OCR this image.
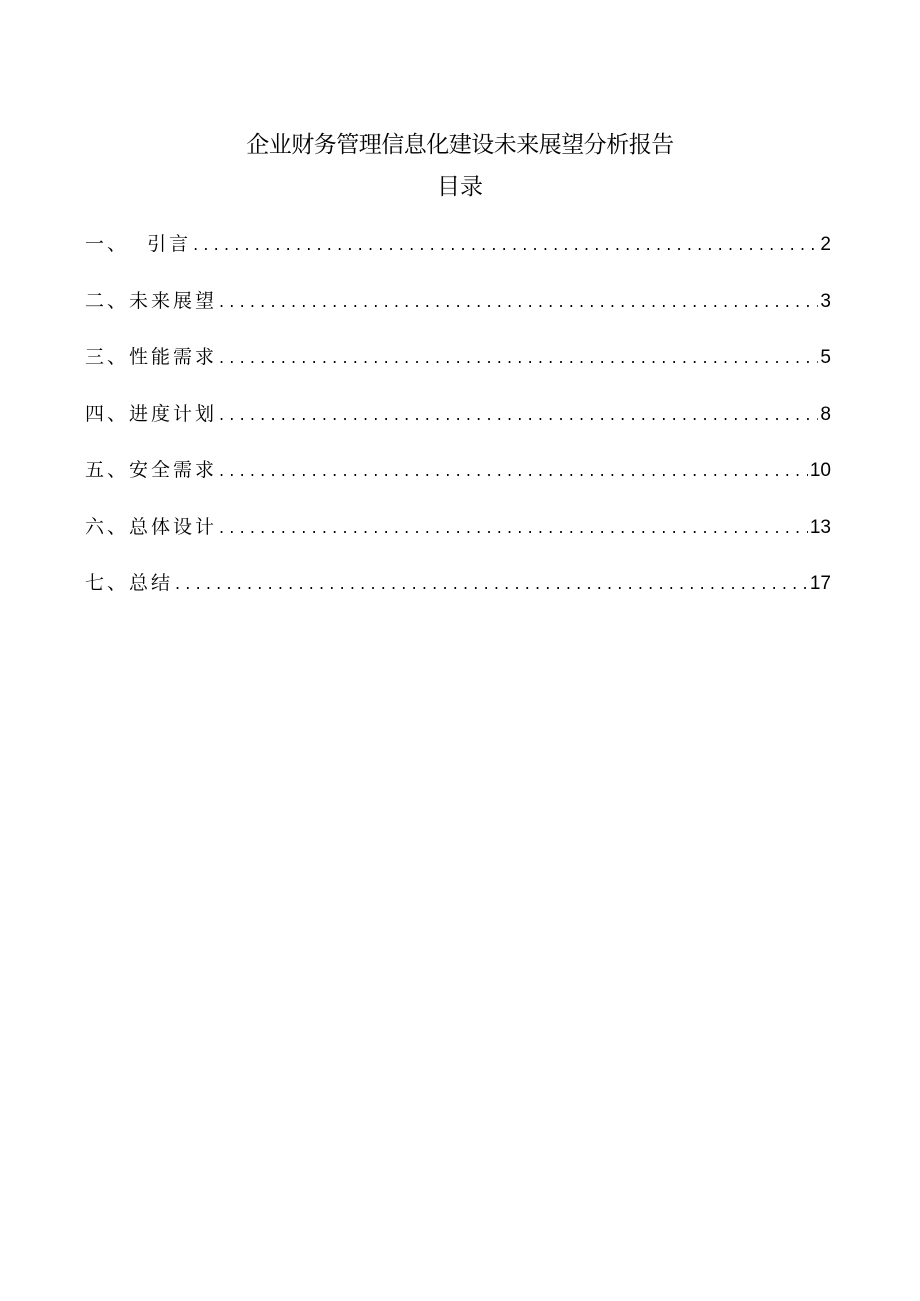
企业财务管理信息化建设未来展望分析报告
目录
一、  引言 .....	2
二、未来展望 .....	3
三、性能需求 .....	5
四、进度计划 .....	8
五、安全需求 .....	10
六、总体设计 .....	13
七、总结 .....	17
